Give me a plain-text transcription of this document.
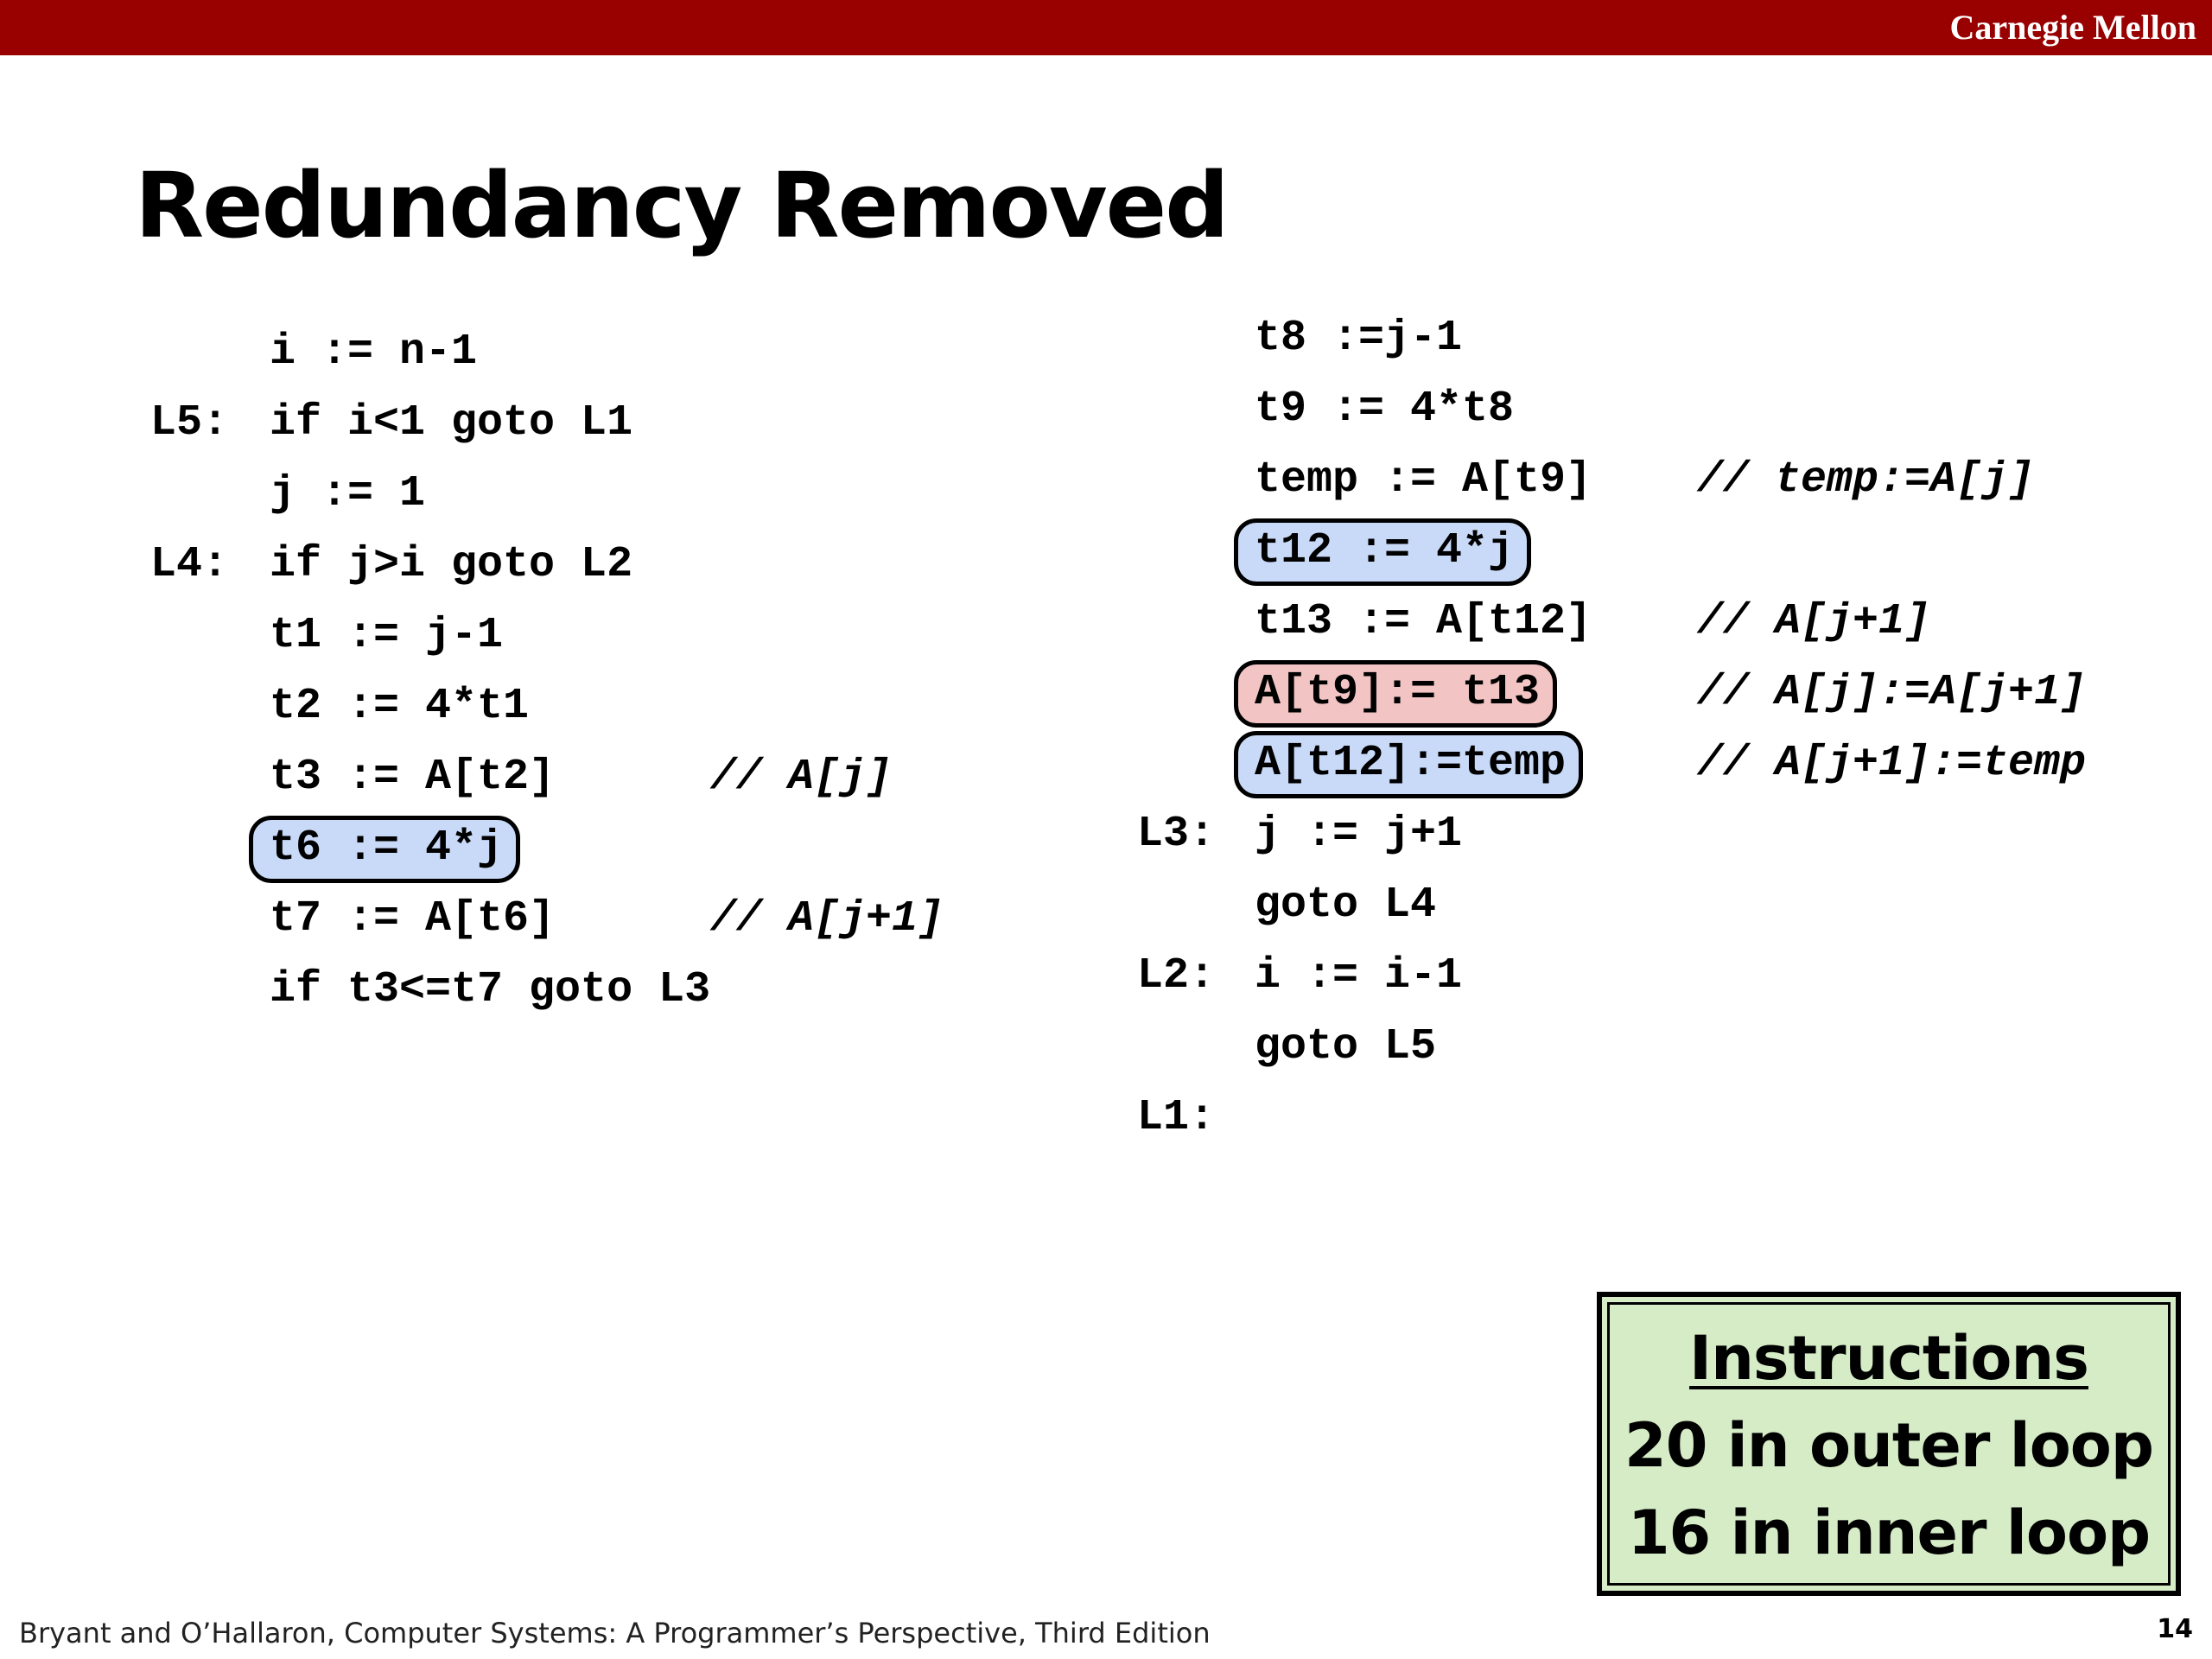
Carnegie Mellon
Redundancy Removed
i := n-1
L5: if i<1 goto L1
j := 1
L4: if j>i goto L2
t1 := j-1
t2 := 4*t1
t3 := A[t2]	// A[j]
t6 := 4*j
t7 := A[t6]	// A[j+1]
if t3<=t7 goto L3
t8 :=j-1
t9 := 4*t8
temp := A[t9] // temp:=A[j]
t12 := 4*j
t13 := A[t12] // A[j+1]
A[t9]:= t13	// A[j]:=A[j+1]
A[t12]:=temp	// A[j+1]:=temp
L3: j := j+1
goto L4
L2: i := i-1
goto L5
L1:
Instructions
20 in outer loop
16 in inner loop
Bryant and O’Hallaron, Computer Systems: A Programmer’s Perspective, Third Edition	14
